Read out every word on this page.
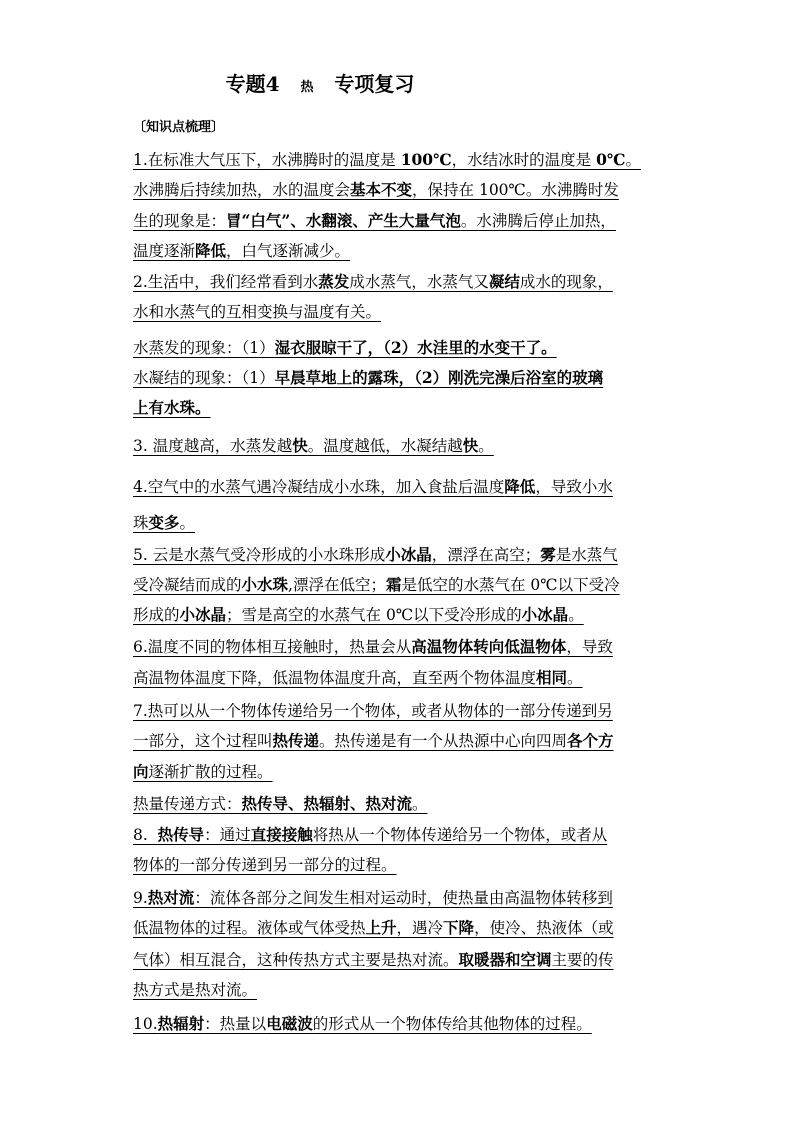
专题4 热 专项复习
〔知识点梳理〕
1.在标准大气压下，水沸腾时的温度是 100℃，水结冰时的温度是 0℃。
水沸腾后持续加热，水的温度会基本不变，保持在 100℃。水沸腾时发
生的现象是：冒“白气”、水翻滚、产生大量气泡。水沸腾后停止加热，
温度逐渐降低，白气逐渐减少。
2.生活中，我们经常看到水蒸发成水蒸气，水蒸气又凝结成水的现象，
水和水蒸气的互相变换与温度有关。
水蒸发的现象：（1）湿衣服晾干了，（2）水洼里的水变干了。
水凝结的现象：（1）早晨草地上的露珠，（2）刚洗完澡后浴室的玻璃
上有水珠。
3. 温度越高，水蒸发越快。温度越低，水凝结越快。
4.空气中的水蒸气遇冷凝结成小水珠，加入食盐后温度降低，导致小水
珠变多。
5. 云是水蒸气受冷形成的小水珠形成小冰晶，漂浮在高空；雾是水蒸气
受冷凝结而成的小水珠,漂浮在低空；霜是低空的水蒸气在 0℃以下受冷
形成的小冰晶；雪是高空的水蒸气在 0℃以下受冷形成的小冰晶。
6.温度不同的物体相互接触时，热量会从高温物体转向低温物体，导致
高温物体温度下降，低温物体温度升高，直至两个物体温度相同。
7.热可以从一个物体传递给另一个物体，或者从物体的一部分传递到另
一部分，这个过程叫热传递。热传递是有一个从热源中心向四周各个方
向逐渐扩散的过程。
热量传递方式：热传导、热辐射、热对流。
8.  热传导：通过直接接触将热从一个物体传递给另一个物体，或者从
物体的一部分传递到另一部分的过程。
9.热对流：流体各部分之间发生相对运动时，使热量由高温物体转移到
低温物体的过程。液体或气体受热上升，遇冷下降，使冷、热液体（或
气体）相互混合，这种传热方式主要是热对流。取暖器和空调主要的传
热方式是热对流。
10.热辐射：热量以电磁波的形式从一个物体传给其他物体的过程。
